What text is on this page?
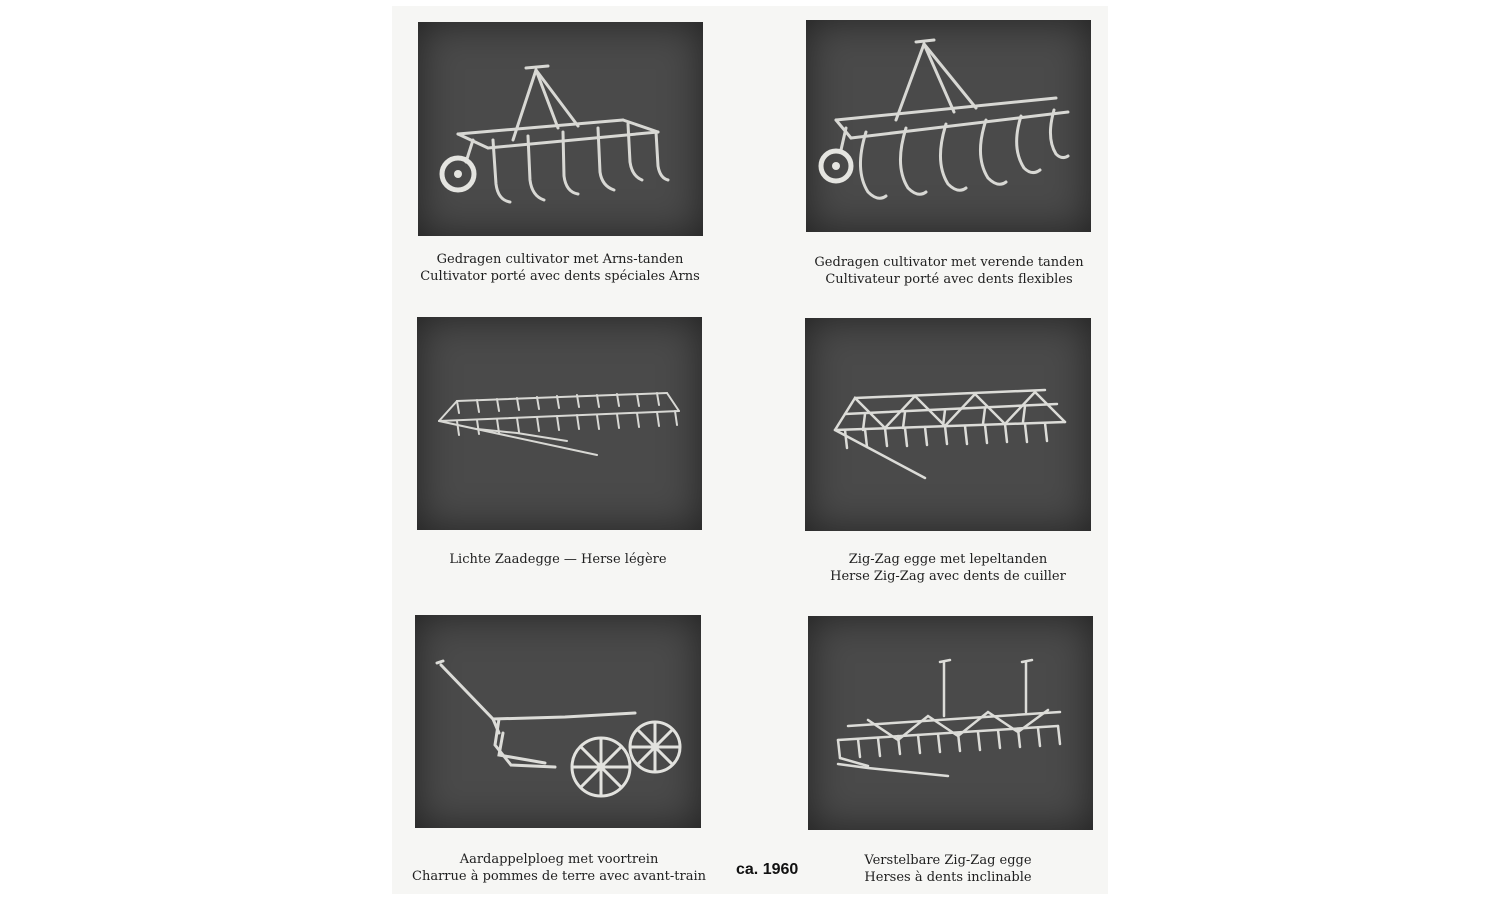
Gedragen cultivator met Arns-tanden
Cultivator porté avec dents spéciales Arns
Gedragen cultivator met verende tanden
Cultivateur porté avec dents flexibles
Lichte Zaadegge — Herse légère	Zig-Zag egge met lepeltanden
Herse Zig-Zag avec dents de cuiller
Aardappelploeg met voortrein
Charrue à pommes de terre avec avant-train
Verstelbare Zig-Zag egge
Herses à dents inclinable
ca. 1960
